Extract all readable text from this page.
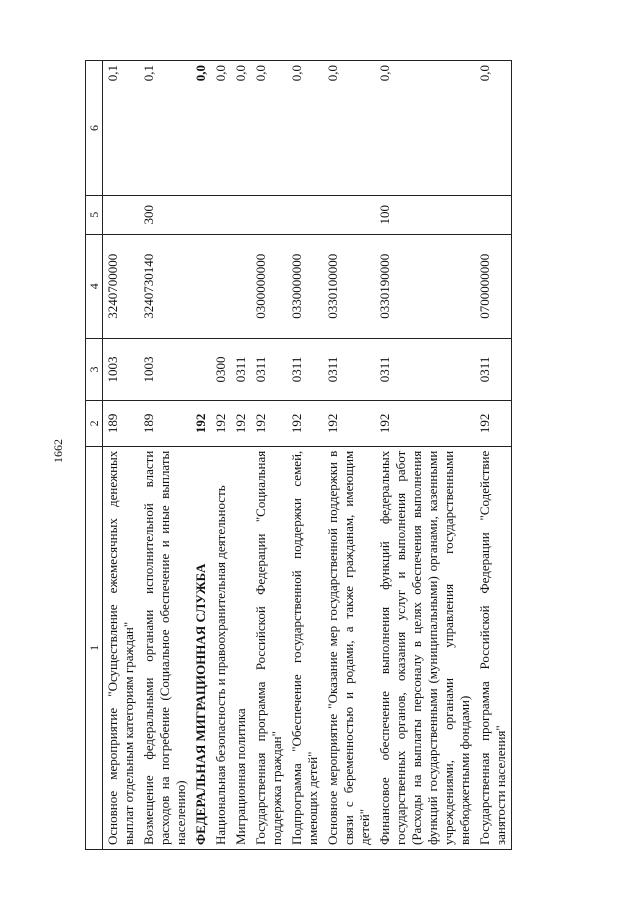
1662
1	2	3	4	5	6
Основное мероприятие "Осуществление ежемесячных денежных выплат отдельным категориям граждан"	189	1003	3240700000		0,1
Возмещение федеральными органами исполнительной власти расходов на погребение (Социальное обеспечение и иные выплаты населению)	189	1003	3240730140	300	0,1
ФЕДЕРАЛЬНАЯ МИГРАЦИОННАЯ СЛУЖБА	192				0,0
Национальная безопасность и правоохранительная деятельность	192	0300			0,0
Миграционная политика	192	0311			0,0
Государственная программа Российской Федерации "Социальная поддержка граждан"	192	0311	0300000000		0,0
Подпрограмма "Обеспечение государственной поддержки семей, имеющих детей"	192	0311	0330000000		0,0
Основное мероприятие "Оказание мер государственной поддержки в связи с беременностью и родами, а также гражданам, имеющим детей"	192	0311	0330100000		0,0
Финансовое обеспечение выполнения функций федеральных государственных органов, оказания услуг и выполнения работ (Расходы на выплаты персоналу в целях обеспечения выполнения функций государственными (муниципальными) органами, казенными учреждениями, органами управления государственными внебюджетными фондами)	192	0311	0330190000	100	0,0
Государственная программа Российской Федерации "Содействие занятости населения"	192	0311	0700000000		0,0
